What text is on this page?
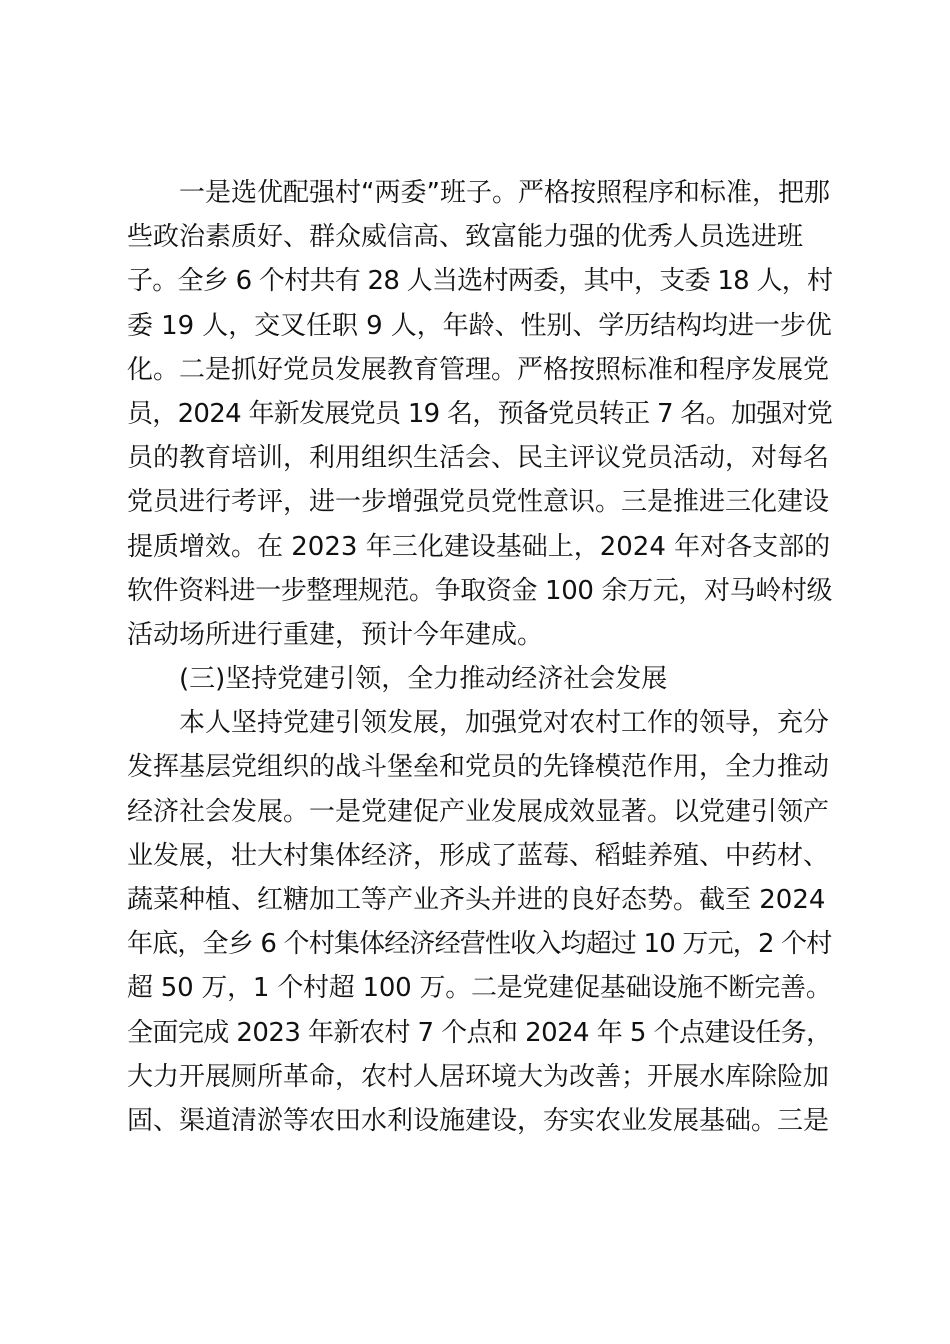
　　一是选优配强村“两委”班子。严格按照程序和标准，把那
些政治素质好、群众威信高、致富能力强的优秀人员选进班
子。全乡 6 个村共有 28 人当选村两委，其中，支委 18 人，村
委 19 人，交叉任职 9 人，年龄、性别、学历结构均进一步优
化。二是抓好党员发展教育管理。严格按照标准和程序发展党
员，2024 年新发展党员 19 名，预备党员转正 7 名。加强对党
员的教育培训，利用组织生活会、民主评议党员活动，对每名
党员进行考评，进一步增强党员党性意识。三是推进三化建设
提质增效。在 2023 年三化建设基础上，2024 年对各支部的
软件资料进一步整理规范。争取资金 100 余万元，对马岭村级
活动场所进行重建，预计今年建成。
　　(三)坚持党建引领，全力推动经济社会发展
　　本人坚持党建引领发展，加强党对农村工作的领导，充分
发挥基层党组织的战斗堡垒和党员的先锋模范作用，全力推动
经济社会发展。一是党建促产业发展成效显著。以党建引领产
业发展，壮大村集体经济，形成了蓝莓、稻蛙养殖、中药材、
蔬菜种植、红糖加工等产业齐头并进的良好态势。截至 2024
年底，全乡 6 个村集体经济经营性收入均超过 10 万元，2 个村
超 50 万，1 个村超 100 万。二是党建促基础设施不断完善。
全面完成 2023 年新农村 7 个点和 2024 年 5 个点建设任务，
大力开展厕所革命，农村人居环境大为改善；开展水库除险加
固、渠道清淤等农田水利设施建设，夯实农业发展基础。三是
